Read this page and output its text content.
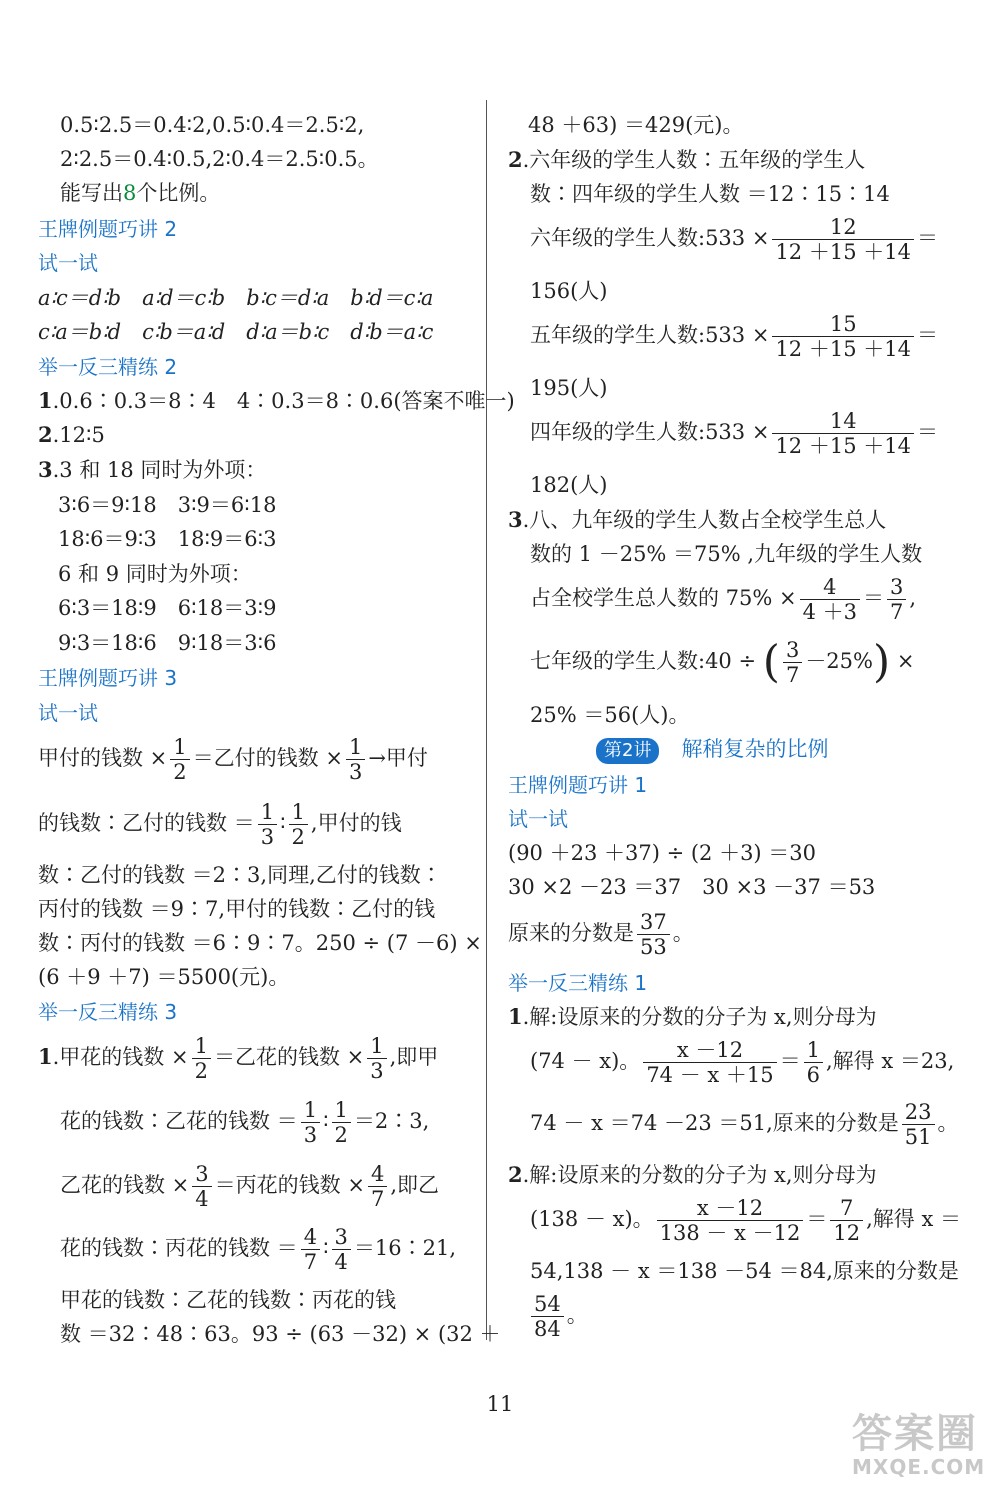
0.5∶2.5＝0.4∶2,0.5∶0.4＝2.5∶2,
2∶2.5＝0.4∶0.5,2∶0.4＝2.5∶0.5。
能写出8个比例。
王牌例题巧讲 2
试一试
a∶c＝d∶b　a∶d＝c∶b　b∶c＝d∶a　b∶d＝c∶a
c∶a＝b∶d　c∶b＝a∶d　d∶a＝b∶c　d∶b＝a∶c
举一反三精练 2
1.0.6∶0.3＝8∶4　4∶0.3＝8∶0.6(答案不唯一)
2.12∶5
3.3 和 18 同时为外项：
3∶6＝9∶18　3∶9＝6∶18
18∶6＝9∶3　18∶9＝6∶3
6 和 9 同时为外项：
6∶3＝18∶9　6∶18＝3∶9
9∶3＝18∶6　9∶18＝3∶6
王牌例题巧讲 3
试一试
甲付的钱数 × $\frac{1}{2}$ ＝乙付的钱数 × $\frac{1}{3}$ →甲付
的钱数∶乙付的钱数 ＝ $\frac{1}{3}$ ∶ $\frac{1}{2}$ ,甲付的钱
数∶乙付的钱数 ＝2∶3,同理,乙付的钱数∶
丙付的钱数 ＝9∶7,甲付的钱数∶乙付的钱
数∶丙付的钱数 ＝6∶9∶7。250 ÷ (7 －6) ×
(6 ＋9 ＋7) ＝5500(元)。
举一反三精练 3
1.甲花的钱数 × $\frac{1}{2}$ ＝乙花的钱数 × $\frac{1}{3}$ ,即甲
花的钱数∶乙花的钱数 ＝ $\frac{1}{3}$ ∶ $\frac{1}{2}$ ＝2∶3,
乙花的钱数 × $\frac{3}{4}$ ＝丙花的钱数 × $\frac{4}{7}$ ,即乙
花的钱数∶丙花的钱数 ＝ $\frac{4}{7}$ ∶ $\frac{3}{4}$ ＝16∶21,
甲花的钱数∶乙花的钱数∶丙花的钱
数 ＝32∶48∶63。93 ÷ (63 －32) × (32 ＋
48 ＋63) ＝429(元)。
2.六年级的学生人数∶五年级的学生人
数∶四年级的学生人数 ＝12∶15∶14
六年级的学生人数:533 × $\frac{12}{12 +15 +14}$ ＝
156(人)
五年级的学生人数:533 × $\frac{15}{12 +15 +14}$ ＝
195(人)
四年级的学生人数:533 × $\frac{14}{12 +15 +14}$ ＝
182(人)
3.八、九年级的学生人数占全校学生总人
数的 1 －25% ＝75% ,九年级的学生人数
占全校学生总人数的 $75\% \times \frac{4}{4 +3} = \frac{3}{7}$ ,
七年级的学生人数:40 ÷ ( $\frac{3}{7} -25\%$) ×
25% ＝56(人)。
第2讲 解稍复杂的比例
王牌例题巧讲 1
试一试
(90 ＋23 ＋37) ÷ (2 ＋3) ＝30
30 ×2 －23 ＝37　30 ×3 －37 ＝53
原来的分数是 $\frac{37}{53}$ 。
举一反三精练 1
1.解:设原来的分数的分子为 x,则分母为
(74 － x)。 $\frac{x -12}{74 - x +15} = \frac{1}{6}$ ,解得 x ＝23,
74 － x ＝74 －23 ＝51,原来的分数是 $\frac{23}{51}$ 。
2.解:设原来的分数的分子为 x,则分母为
(138 － x)。 $\frac{x -12}{138 - x -12} = \frac{7}{12}$ ,解得 x ＝
54,138 － x ＝138 －54 ＝84,原来的分数是
$\frac{54}{84}$ 。
11
答案圈
MXQE.COM
